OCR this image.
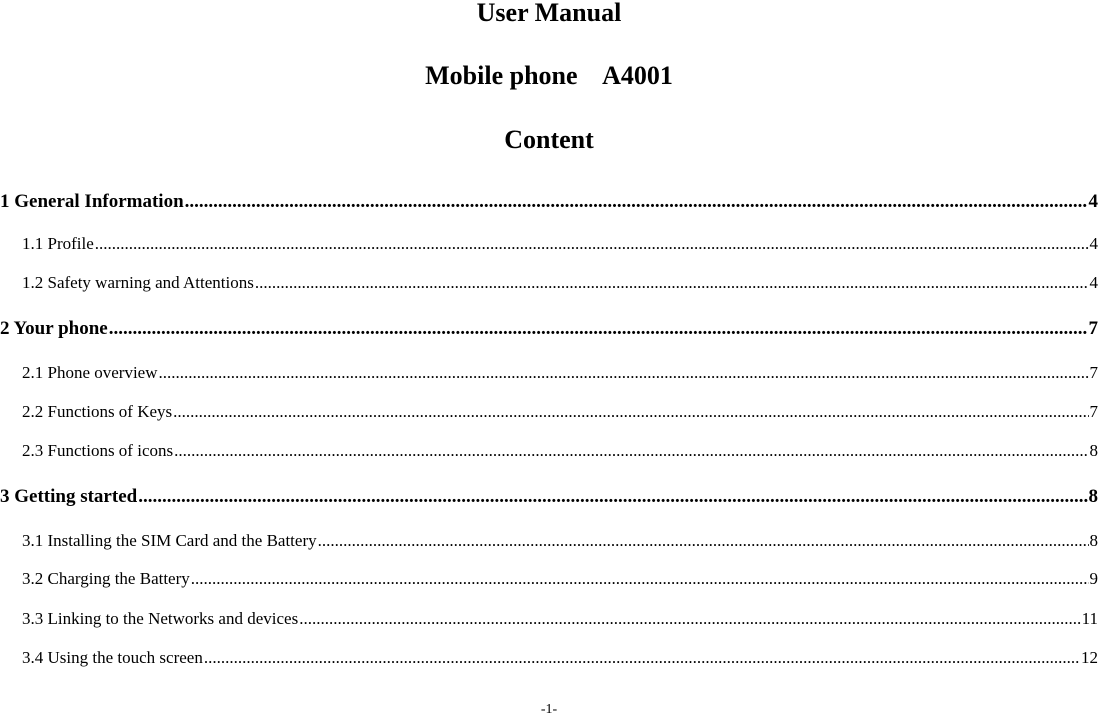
User Manual
Mobile phone    A4001
Content
1 General Information .....	4
1.1 Profile .....	4
1.2 Safety warning and Attentions .....	4
2 Your phone .....	7
2.1 Phone overview .....	7
2.2 Functions of Keys .....	7
2.3 Functions of icons .....	8
3 Getting started .....	8
3.1 Installing the SIM Card and the Battery .....	8
3.2 Charging the Battery .....	9
3.3 Linking to the Networks and devices .....	11
3.4 Using the touch screen .....	12
-1-
